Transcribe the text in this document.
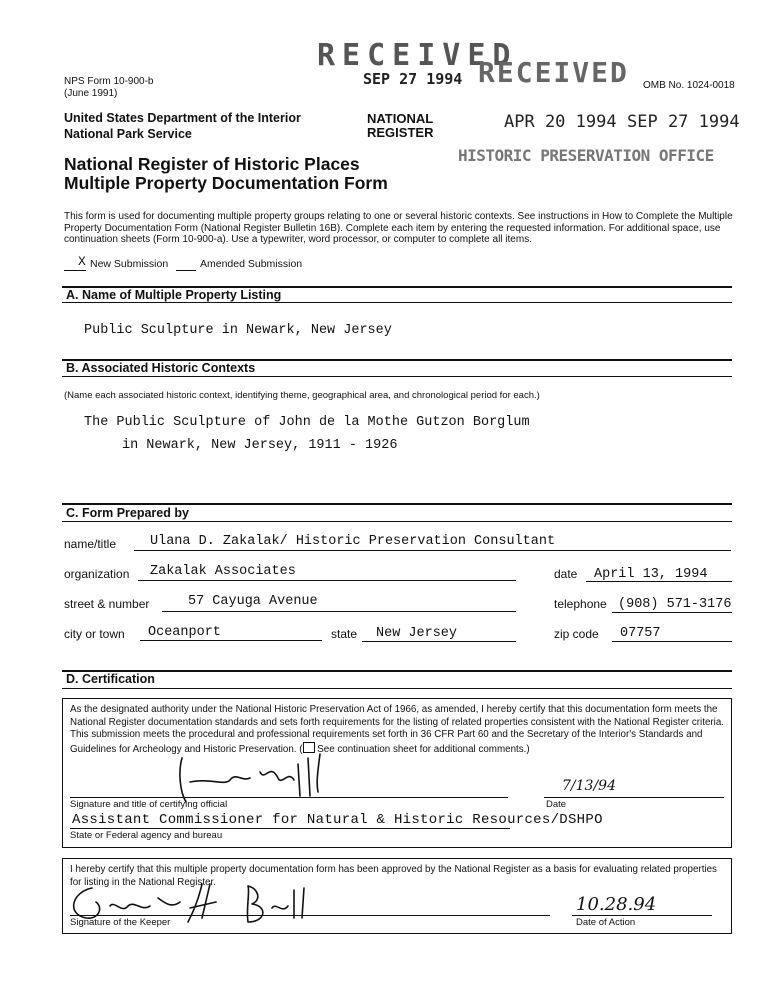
NPS Form 10-900-b
(June 1991)
OMB No. 1024-0018
United States Department of the Interior
National Park Service
National Register of Historic Places
Multiple Property Documentation Form
RECEIVED
SEP 27 1994 RECEIVED
NATIONAL REGISTER
APR 20 1994 SEP 27 1994
HISTORIC PRESERVATION OFFICE
This form is used for documenting multiple property groups relating to one or several historic contexts. See instructions in How to Complete the Multiple Property Documentation Form (National Register Bulletin 16B). Complete each item by entering the requested information. For additional space, use continuation sheets (Form 10-900-a). Use a typewriter, word processor, or computer to complete all items.
X New Submission	Amended Submission
A. Name of Multiple Property Listing
Public Sculpture in Newark, New Jersey
B. Associated Historic Contexts
(Name each associated historic context, identifying theme, geographical area, and chronological period for each.)
The Public Sculpture of John de la Mothe Gutzon Borglum
in Newark, New Jersey, 1911 - 1926
C. Form Prepared by
name/title	Ulana D. Zakalak/ Historic Preservation Consultant
organization Zakalak Associates	date April 13, 1994
street & number	57 Cayuga Avenue	telephone (908) 571-3176
city or town Oceanport	state New Jersey	zip code 07757
D. Certification
As the designated authority under the National Historic Preservation Act of 1966, as amended, I hereby certify that this documentation form meets the National Register documentation standards and sets forth requirements for the listing of related properties consistent with the National Register criteria. This submission meets the procedural and professional requirements set forth in 36 CFR Part 60 and the Secretary of the Interior's Standards and Guidelines for Archeology and Historic Preservation. ( See continuation sheet for additional comments.)
Signature and title of certifying official
7/13/94
Date
Assistant Commissioner for Natural & Historic Resources/DSHPO
State or Federal agency and bureau
I hereby certify that this multiple property documentation form has been approved by the National Register as a basis for evaluating related properties for listing in the National Register.
Signature of the Keeper
10.28.94
Date of Action
